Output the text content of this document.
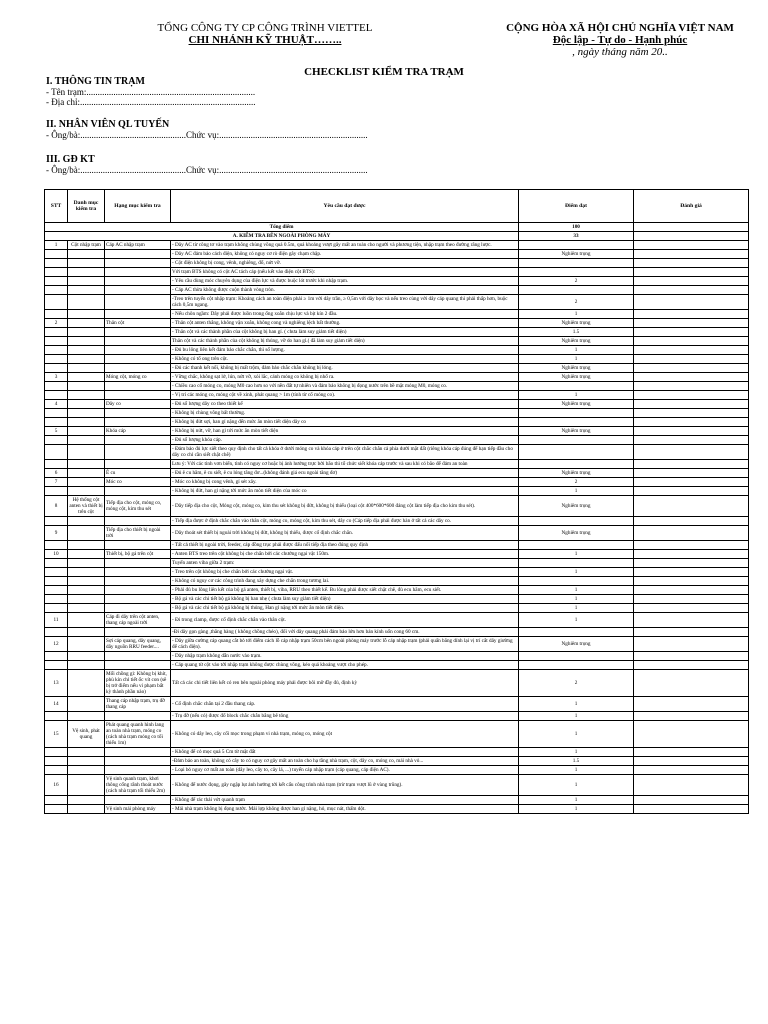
TỔNG CÔNG TY CP CÔNG TRÌNH VIETTEL
CHI NHÁNH KỸ THUẬT……..
CỘNG HÒA XÃ HỘI CHỦ NGHĨA VIỆT NAM
Độc lập - Tự do - Hạnh phúc
, ngày tháng năm 20..
CHECKLIST KIỂM TRA TRẠM
I. THÔNG TIN TRẠM
- Tên trạm:...........................................................................
- Địa chỉ:..............................................................................
II. NHÂN VIÊN QL TUYẾN
- Ông/bà:...............................................Chức vụ:..................................................................
III. GĐ KT
- Ông/bà:...............................................Chức vụ:..................................................................
STT	Danh mục kiểm tra	Hạng mục kiểm tra	Yêu cầu đạt được	Điểm đạt	Đánh giá
Tổng điểm				100	
A. KIỂM TRA BÊN NGOÀI PHÒNG MÁY				33	
1	Cột nhập trạm	Cáp AC nhập trạm	- Dây AC từ công tơ vào trạm không chùng võng quá 0.5m, quá khoảng vượt gây mất an toàn cho người và phương tiện, nhập trạm theo đường răng lược.		
			- Dây AC đảm bảo cách điện, không có nguy cơ rò điện gây chạm chập.	Nghiêm trọng	
			- Cột điện không bị cong, vênh, nghiêng, đổ, nứt vỡ.		
			Với trạm BTS không có cột AC tách cáp (nếu kết vào điện cột BTS):		
			- Yêu cầu dùng móc chuyên dụng của điện lực và được buộc lót trước khi nhập trạm.	2	
			- Cáp AC thừa không được cuộn thành vòng tròn.		
			-Treo trên tuyến cột nhập trạm: Khoảng cách an toàn điện phải ≥ 1m với dây trần, ≥ 0,5m với dây bọc và nếu treo cùng với dây cáp quang thì phải thấp hơn, buộc cách 0,5m ngang.	2	
			- Nếu chôn ngầm: Dây phải được luồn trong ống xoắn chịu lực và bịt kín 2 đầu.	1	
2		Thân cột	- Thân cột anten thẳng, không vặn xoắn, không cong và nghiêng lệch bất thường.	Nghiêm trọng	
			- Thân cột và các thành phần của cột không bị han gỉ. ( chưa làm suy giảm tiết diện)	1.5	
			Thân cột và các thành phần của cột không bị thủng, vỡ do han gỉ.( đã làm suy giảm tiết diện)	Nghiêm trọng	
			- Đủ bu lông liên kết đảm bảo chắc chắn, thì số lượng.	1	
			- Không có tổ ong trên cột.	1	
			- Đủ các thanh kết nối, không bị mất trộm, đảm bảo chắc chắn không bị lỏng.	Nghiêm trọng	
3		Móng cột, móng co	- Vững chắc, không sạt lở, lún, nứt vỡ, xói lắc, cánh móng co không bị nhổ ra.	Nghiêm trọng	
			- Chiều cao cổ móng co, móng M0 cao hơn so với nền đất tự nhiên và đảm bảo không bị đọng nước trên bề mặt móng M0, móng co.		
			- Vị trí các móng co, móng cột về xinh, phát quang > 1m (tính từ cổ móng co).	1	
4		Dây co	- Đủ số lượng dây co theo thiết kế	Nghiêm trọng	
			- Không bị chùng võng bất thường.		
			- Không bị đứt sợi, han gỉ nặng đến mức ăn mòn tiết diện dây co		
5		Khóa cáp	- Không bị nứt, vỡ, han gỉ tới mức ăn mòn tiết diện	Nghiêm trọng	
			- Đủ số lượng khóa cáp.		
			- Đảm bảo đủ lực siết theo quy định cho tất cả khóa ở dưới móng co và khóa cáp ở trên cột chắc chắn cả phía dưới mặt đất (riêng khóa cáp đúng để hạn tiếp đầu cho dây co chỉ cần siết chặt chẽ)		
			Lưu ý: Với các tình vơn biển, tình có nguy cơ hoặc bị ảnh hưởng trực bởi bão thì tổ chức siết khóa cáp trước và sau khi có bão để đảm an toàn		
6		Ê cu	- Đủ ê cu hãm, ê cu siết, ê cu lóng tăng đơ...(không đánh giá ecu ngoài tăng đơ)	Nghiêm trọng	
7		Móc co	- Móc co không bị cong vênh, gỉ sét xây.	2	
			- Không bị đứt, han gỉ nặng tới mức ăn mòn tiết diện của móc co	1	
8	Hệ thống cột anten và thiết bị trên cột	Tiếp địa cho cột, móng co, móng cột, kim thu sét	- Dây tiếp địa cho cột, Móng cột, móng co, kim thu sét không bị đứt, không bị thiếu (loại cột 400*600*600 đáng cột làm tiếp địa cho kim thu sét).	Nghiêm trọng	
			- Tiếp địa được ở định chắc chắn vào thân cột, móng co, móng cột, kim thu sét, dây co (Cáp tiếp địa phải được hàn ở tất cả các dây co.		
9		Tiếp địa cho thiết bị ngoài trời	- Dây thoát sét thiết bị ngoài trời không bị đứt, không bị thiếu, được cố định chắc chắn.	Nghiêm trọng	
			- Tất cả thiết bị ngoài trời, feeder, cáp đồng trục phải được đấu nối tiếp địa theo đúng quy định		
10		Thiết bị, bộ gá trên cột	- Anten BTS treo trên cột không bị che chắn bởi các chướng ngại vật 150m.	1	
			Tuyến anten viba giữa 2 trạm:		
			- Treo trên cột không bị che chắn bởi các chướng ngại vật.	1	
			- Không có nguy cơ các công trình đang xây dựng che chắn trong tương lai.		
			- Phải đủ bu lông liên kết của bộ gá anten, thiết bị, viba, RRU theo thiết kế. Bu lông phải được siết chặt chẽ, đủ ecu hãm, ecu siết.	1	
			- Bộ gá và các chi tiết bộ gá không bị han nhẹ ( chưa làm suy giảm tiết diện)	1	
			- Bộ gá và các chi tiết bộ gá không bị thủng, Han gỉ nặng tới mức ăn mòn tiết diện.	1	
11		Cáp đi dây trên cột anten, thang cáp ngoài trời	- Đi trong clamp, được cố định chắc chắn vào thân cột.	1	
			-Đi dây gọn gàng ,thẳng hàng ( không chồng chéo), đối với dây quang phải đảm bảo lớn hơn bán kính uốn cong 60 cm.		
12		Sợi cáp quang, dây quang, dây nguồn RRU feeder....	- Dây giữa cường cáp quang cắt bỏ tới điểm cách lỗ cáp nhập trạm 50cm bên ngoài phòng máy trước lỗ cáp nhập trạm (phải quấn băng dính lại vị trí cắt dây giường để cách điện).	Nghiêm trọng	
			- Dây nhập trạm không dẫn nước vào trạm.		
			- Cáp quang từ cột vào tới nhập trạm không được chùng võng, kéo quá khoảng vượt cho phép.		
13		Mối chồng gỉ: Không bị khít, phù kín chỉ tiết ốc vít con (sẽ bị trở điểm nếu vi phạm bất kỳ thành phần nào)	Tất cả các chi tiết liên kết có ren bên ngoài phòng máy phải được bôi mỡ đầy đủ, định kỳ	2	
14		Thang cáp nhập trạm, trụ đỡ thang cáp	- Cố định chắc chắn tại 2 đầu thang cáp.	1	
			- Trụ đỡ (nếu có) được đổ block chắc chắn bằng bê tông	1	
15	Vệ sinh, phát quang	Phát quang quanh hình lang an toàn nhà trạm, móng co (cách nhà trạm móng co tối thiểu 1m)	- Không có dây leo, cây cối mọc trong phạm vi nhà trạm, móng co, móng cột	1	
			- Không để cỏ mọc quá 5 Cm từ mặt đất	1	
			-Đảm bảo an toàn, không có cây to có nguy cơ gây mất an toàn cho hạ tầng nhà trạm, cột, dây co, móng co, mái nhà vỏ...	1.5	
			- Loại bỏ nguy cơ mất an toàn (dây leo, cây to, cây lá, ...) tuyến cáp nhập trạm (cáp quang, cáp điện AC).	1	
16		Vệ sinh quanh trạm, khơi thông cống rãnh thoát nước (cách nhà trạm tối thiểu 2m)	- Không để nước đọng, gây ngập lụt ảnh hưởng tới kết cấu công trình nhà trạm (trừ trạm vượt lũ ở vùng trũng).	1	
			- Không để rác thải vứt quanh trạm	1	
		Vệ sinh mái phòng máy	- Mái nhà trạm không bị đọng nước. Mái lợp không được han gỉ nặng, hỏ, mục nát, thấm dột.	1	
